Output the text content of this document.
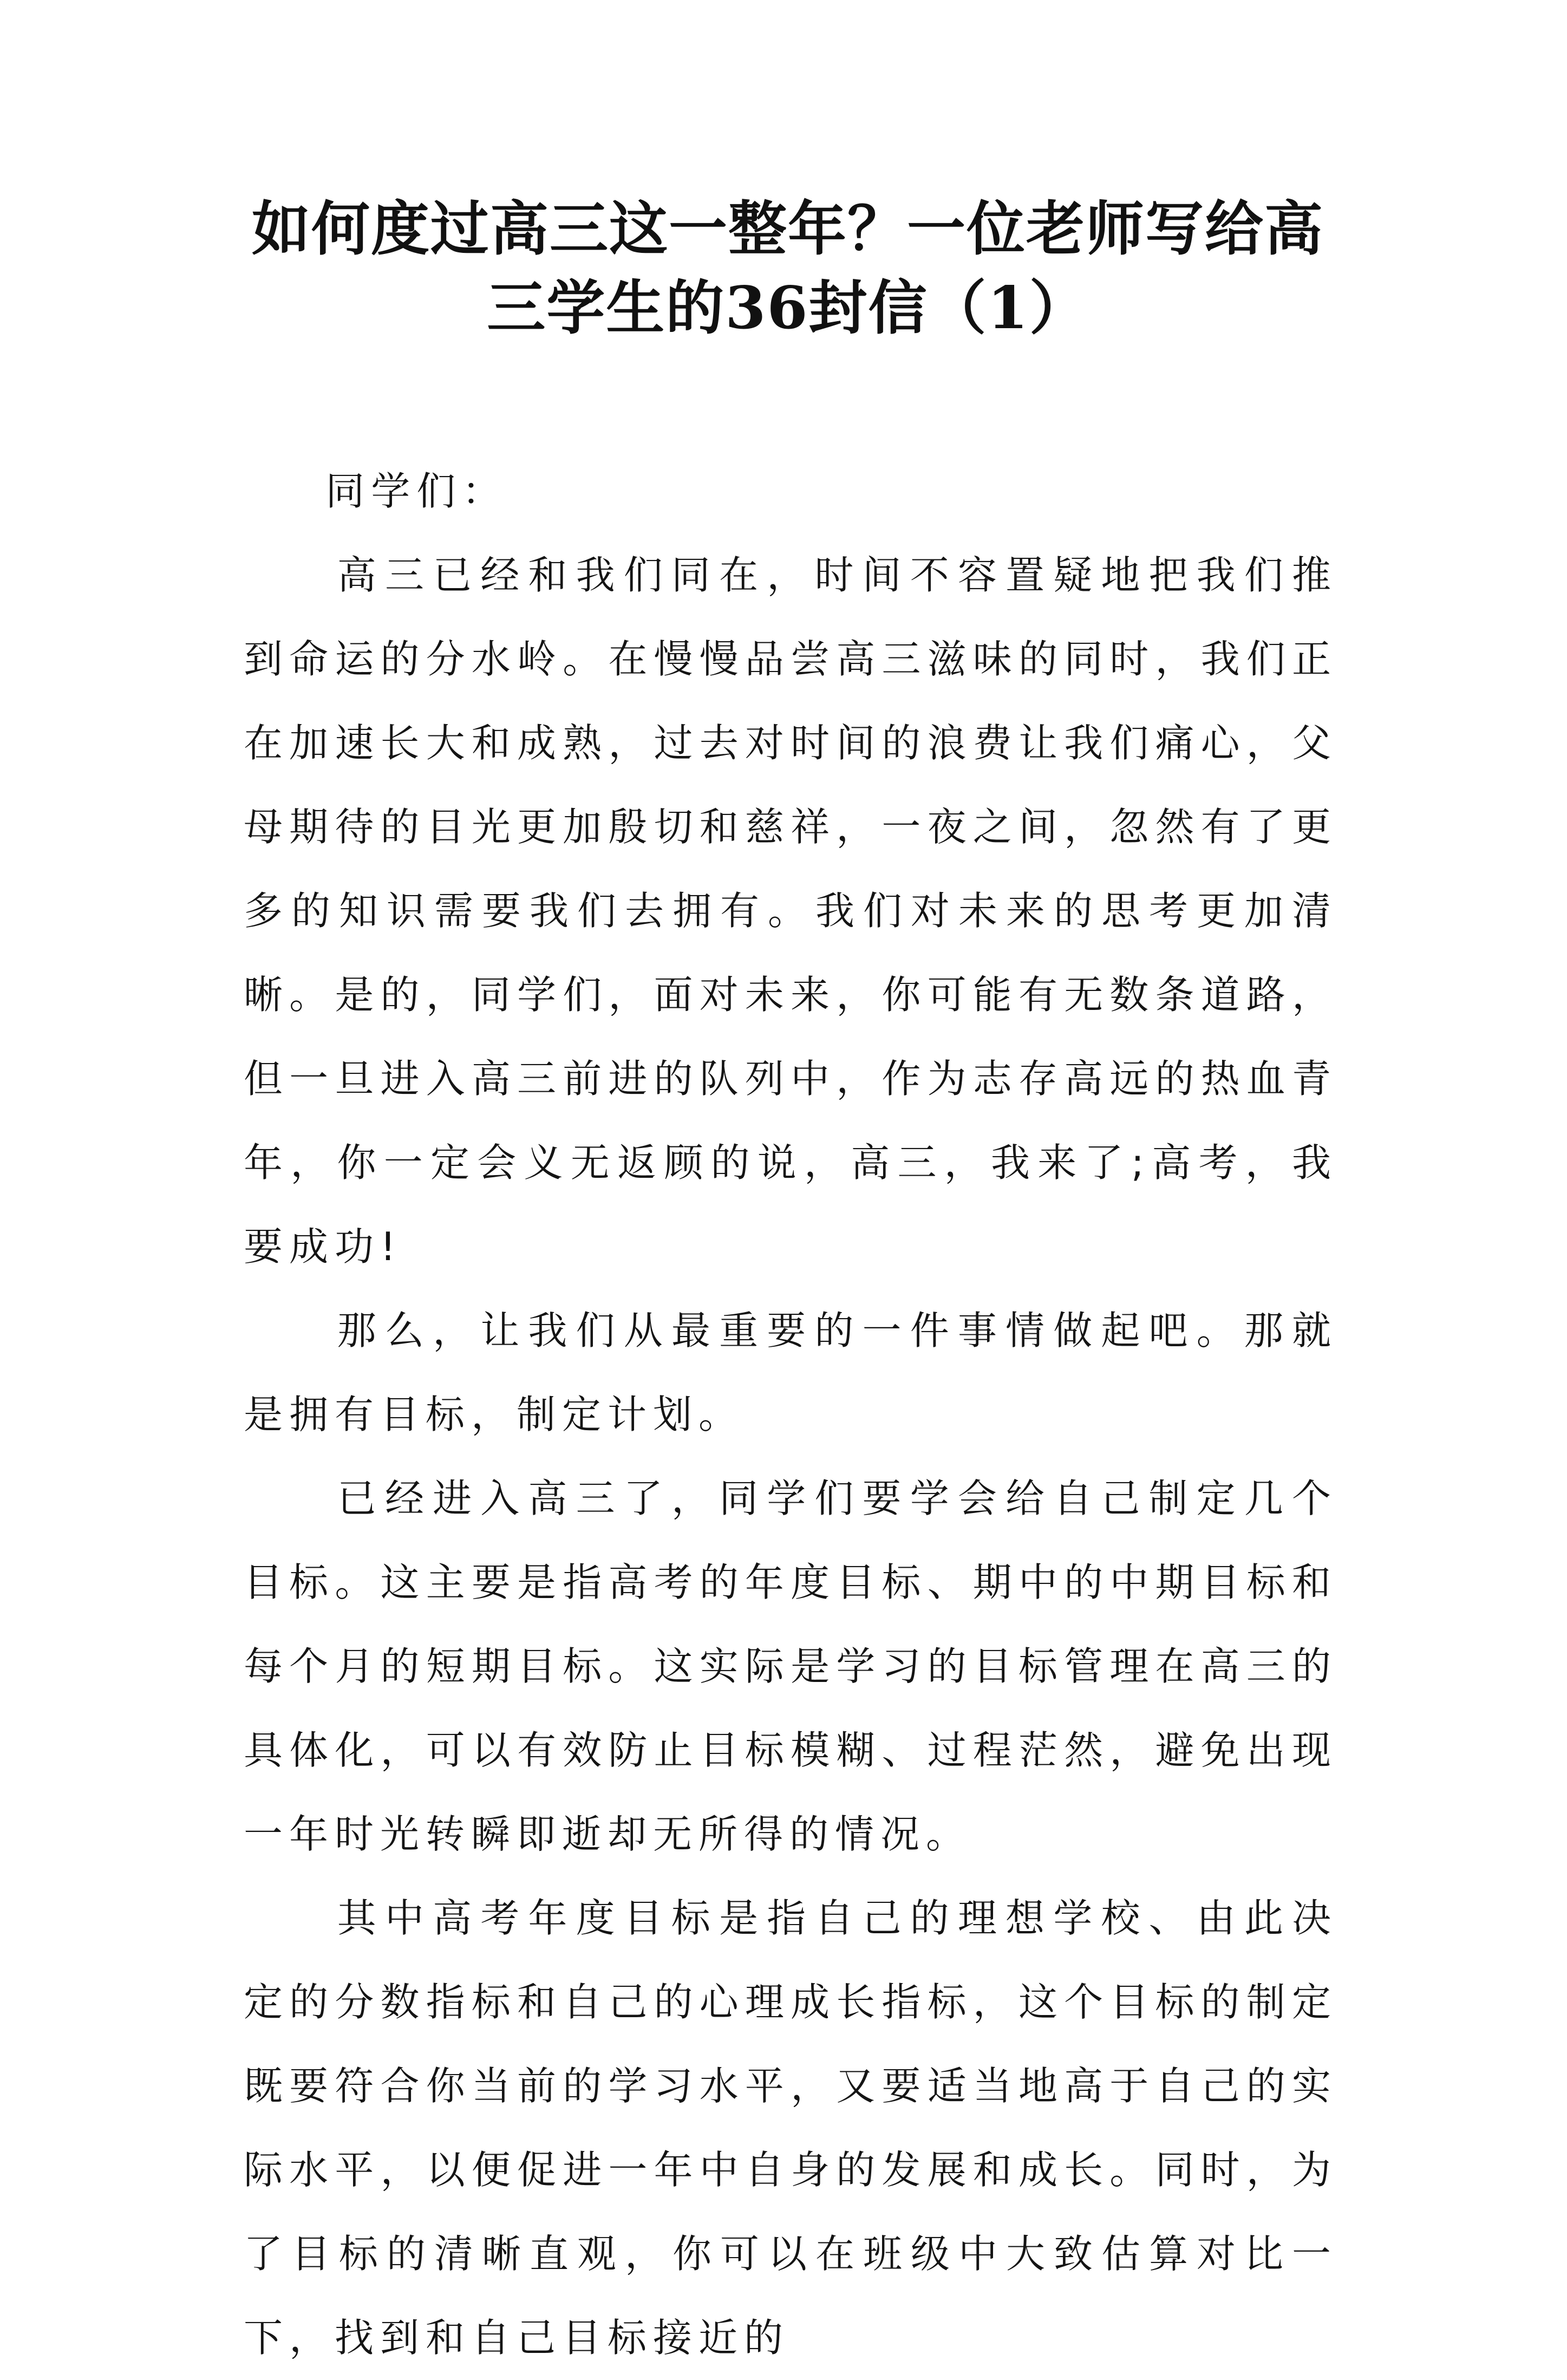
如何度过高三这一整年？一位老师写给高
三学生的36封信（1）

同学们：

高三已经和我们同在，时间不容置疑地把我们推到命运的分水岭。在慢慢品尝高三滋味的同时，我们正在加速长大和成熟，过去对时间的浪费让我们痛心，父母期待的目光更加殷切和慈祥，一夜之间，忽然有了更多的知识需要我们去拥有。我们对未来的思考更加清晰。是的，同学们，面对未来，你可能有无数条道路，但一旦进入高三前进的队列中，作为志存高远的热血青年，你一定会义无返顾的说，高三，我来了;高考，我要成功!

那么，让我们从最重要的一件事情做起吧。那就是拥有目标，制定计划。

已经进入高三了，同学们要学会给自己制定几个目标。这主要是指高考的年度目标、期中的中期目标和每个月的短期目标。这实际是学习的目标管理在高三的具体化，可以有效防止目标模糊、过程茫然，避免出现一年时光转瞬即逝却无所得的情况。

其中高考年度目标是指自己的理想学校、由此决定的分数指标和自己的心理成长指标，这个目标的制定既要符合你当前的学习水平，又要适当地高于自己的实际水平，以便促进一年中自身的发展和成长。同时，为了目标的清晰直观，你可以在班级中大致估算对比一下，找到和自己目标接近的
